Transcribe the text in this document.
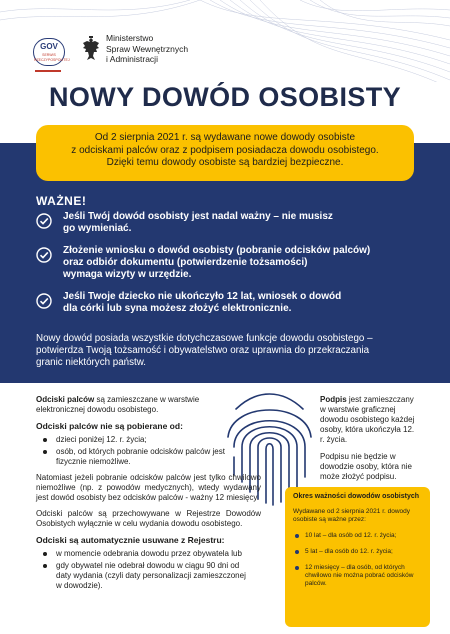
GOV
SERWIS RZECZYPOSPOLITEJ
Ministerstwo
Spraw Wewnętrznych
i Administracji
NOWY DOWÓD OSOBISTY
Od 2 sierpnia 2021 r. są wydawane nowe dowody osobiste
z odciskami palców oraz z podpisem posiadacza dowodu osobistego.
Dzięki temu dowody osobiste są bardziej bezpieczne.
WAŻNE!
Jeśli Twój dowód osobisty jest nadal ważny – nie musisz
go wymieniać.
Złożenie wniosku o dowód osobisty (pobranie odcisków palców)
oraz odbiór dokumentu (potwierdzenie tożsamości)
wymaga wizyty w urzędzie.
Jeśli Twoje dziecko nie ukończyło 12 lat, wniosek o dowód
dla córki lub syna możesz złożyć elektronicznie.
Nowy dowód posiada wszystkie dotychczasowe funkcje dowodu osobistego –
potwierdza Twoją tożsamość i obywatelstwo oraz uprawnia do przekraczania
granic niektórych państw.

Odciski palców są zamieszczane w warstwie elektronicznej dowodu osobistego.

Odciski palców nie są pobierane od:

dzieci poniżej 12. r. życia;
osób, od których pobranie odcisków palców jest fizycznie niemożliwe.

Natomiast jeżeli pobranie odcisków palców jest tylko chwilowo niemożliwe (np. z powodów medycznych), wtedy wydawany jest dowód osobisty bez odcisków palców - ważny 12 miesięcy.

Odciski palców są przechowywane w Rejestrze Dowodów Osobistych wyłącznie w celu wydania dowodu osobistego.

Odciski są automatycznie usuwane z Rejestru:

w momencie odebrania dowodu przez obywatela lub
gdy obywatel nie odebrał dowodu w ciągu 90 dni od daty wydania (czyli daty personalizacji zamieszczonej w dowodzie).

Podpis jest zamieszczany w warstwie graficznej dowodu osobistego każdej osoby, która ukończyła 12. r. życia.

Podpisu nie będzie w dowodzie osoby, która nie może złożyć podpisu.

Okres ważności dowodów osobistych
Wydawane od 2 sierpnia 2021 r. dowody osobiste są ważne przez:
10 lat – dla osób od 12. r. życia;
5 lat – dla osób do 12. r. życia;
12 miesięcy – dla osób, od których chwilowo nie można pobrać odcisków palców.
